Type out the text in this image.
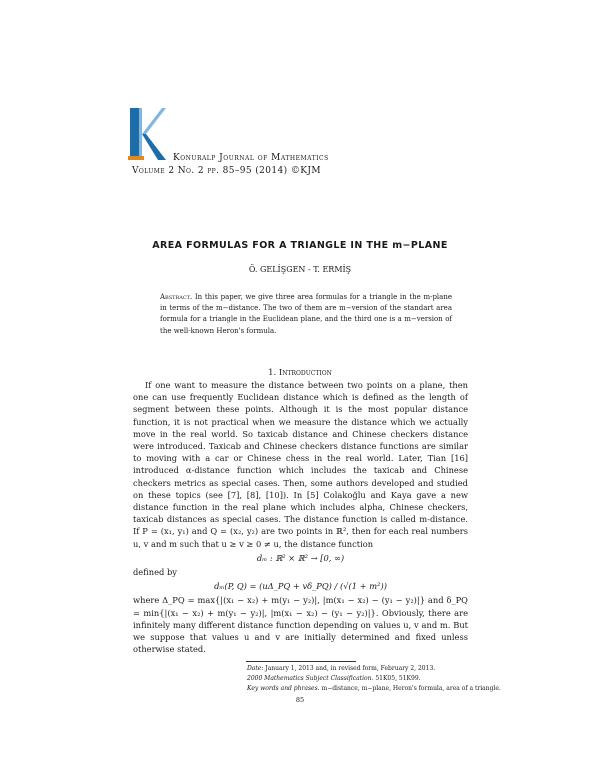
Konuralp Journal of Mathematics
Volume 2 No. 2 pp. 85–95 (2014) ©KJM
AREA FORMULAS FOR A TRIANGLE IN THE m−PLANE
Ö. GELİŞGEN - T. ERMİŞ
Abstract. In this paper, we give three area formulas for a triangle in the m-plane in terms of the m−distance. The two of them are m−version of the standart area formula for a triangle in the Euclidean plane, and the third one is a m−version of the well-known Heron's formula.
1. Introduction

If one want to measure the distance between two points on a plane, then one can use frequently Euclidean distance which is defined as the length of segment between these points. Although it is the most popular distance function, it is not practical when we measure the distance which we actually move in the real world. So taxicab distance and Chinese checkers distance were introduced. Taxicab and Chinese checkers distance functions are similar to moving with a car or Chinese chess in the real world. Later, Tian [16] introduced α-distance function which includes the taxicab and Chinese checkers metrics as special cases. Then, some authors developed and studied on these topics (see [7], [8], [10]). In [5] Colakoğlu and Kaya gave a new distance function in the real plane which includes alpha, Chinese checkers, taxicab distances as special cases. The distance function is called m-distance. If P = (x₁, y₁) and Q = (x₂, y₂) are two points in ℝ², then for each real numbers u, v and m such that u ≥ v ≥ 0 ≠ u, the distance function

dₘ : ℝ² × ℝ² → [0, ∞)

defined by

dₘ(P, Q) = (uΔ_PQ + vδ_PQ) / (√(1 + m²))

where Δ_PQ = max{|(x₁ − x₂) + m(y₁ − y₂)|, |m(x₁ − x₂) − (y₁ − y₂)|} and δ_PQ = min{|(x₁ − x₂) + m(y₁ − y₂)|, |m(x₁ − x₂) − (y₁ − y₂)|}. Obviously, there are infinitely many different distance function depending on values u, v and m. But we suppose that values u and v are initially determined and fixed unless otherwise stated.

Date: January 1, 2013 and, in revised form, February 2, 2013.
2000 Mathematics Subject Classification. 51K05, 51K99.
Key words and phrases. m−distance, m−plane, Heron's formula, area of a triangle.
85
